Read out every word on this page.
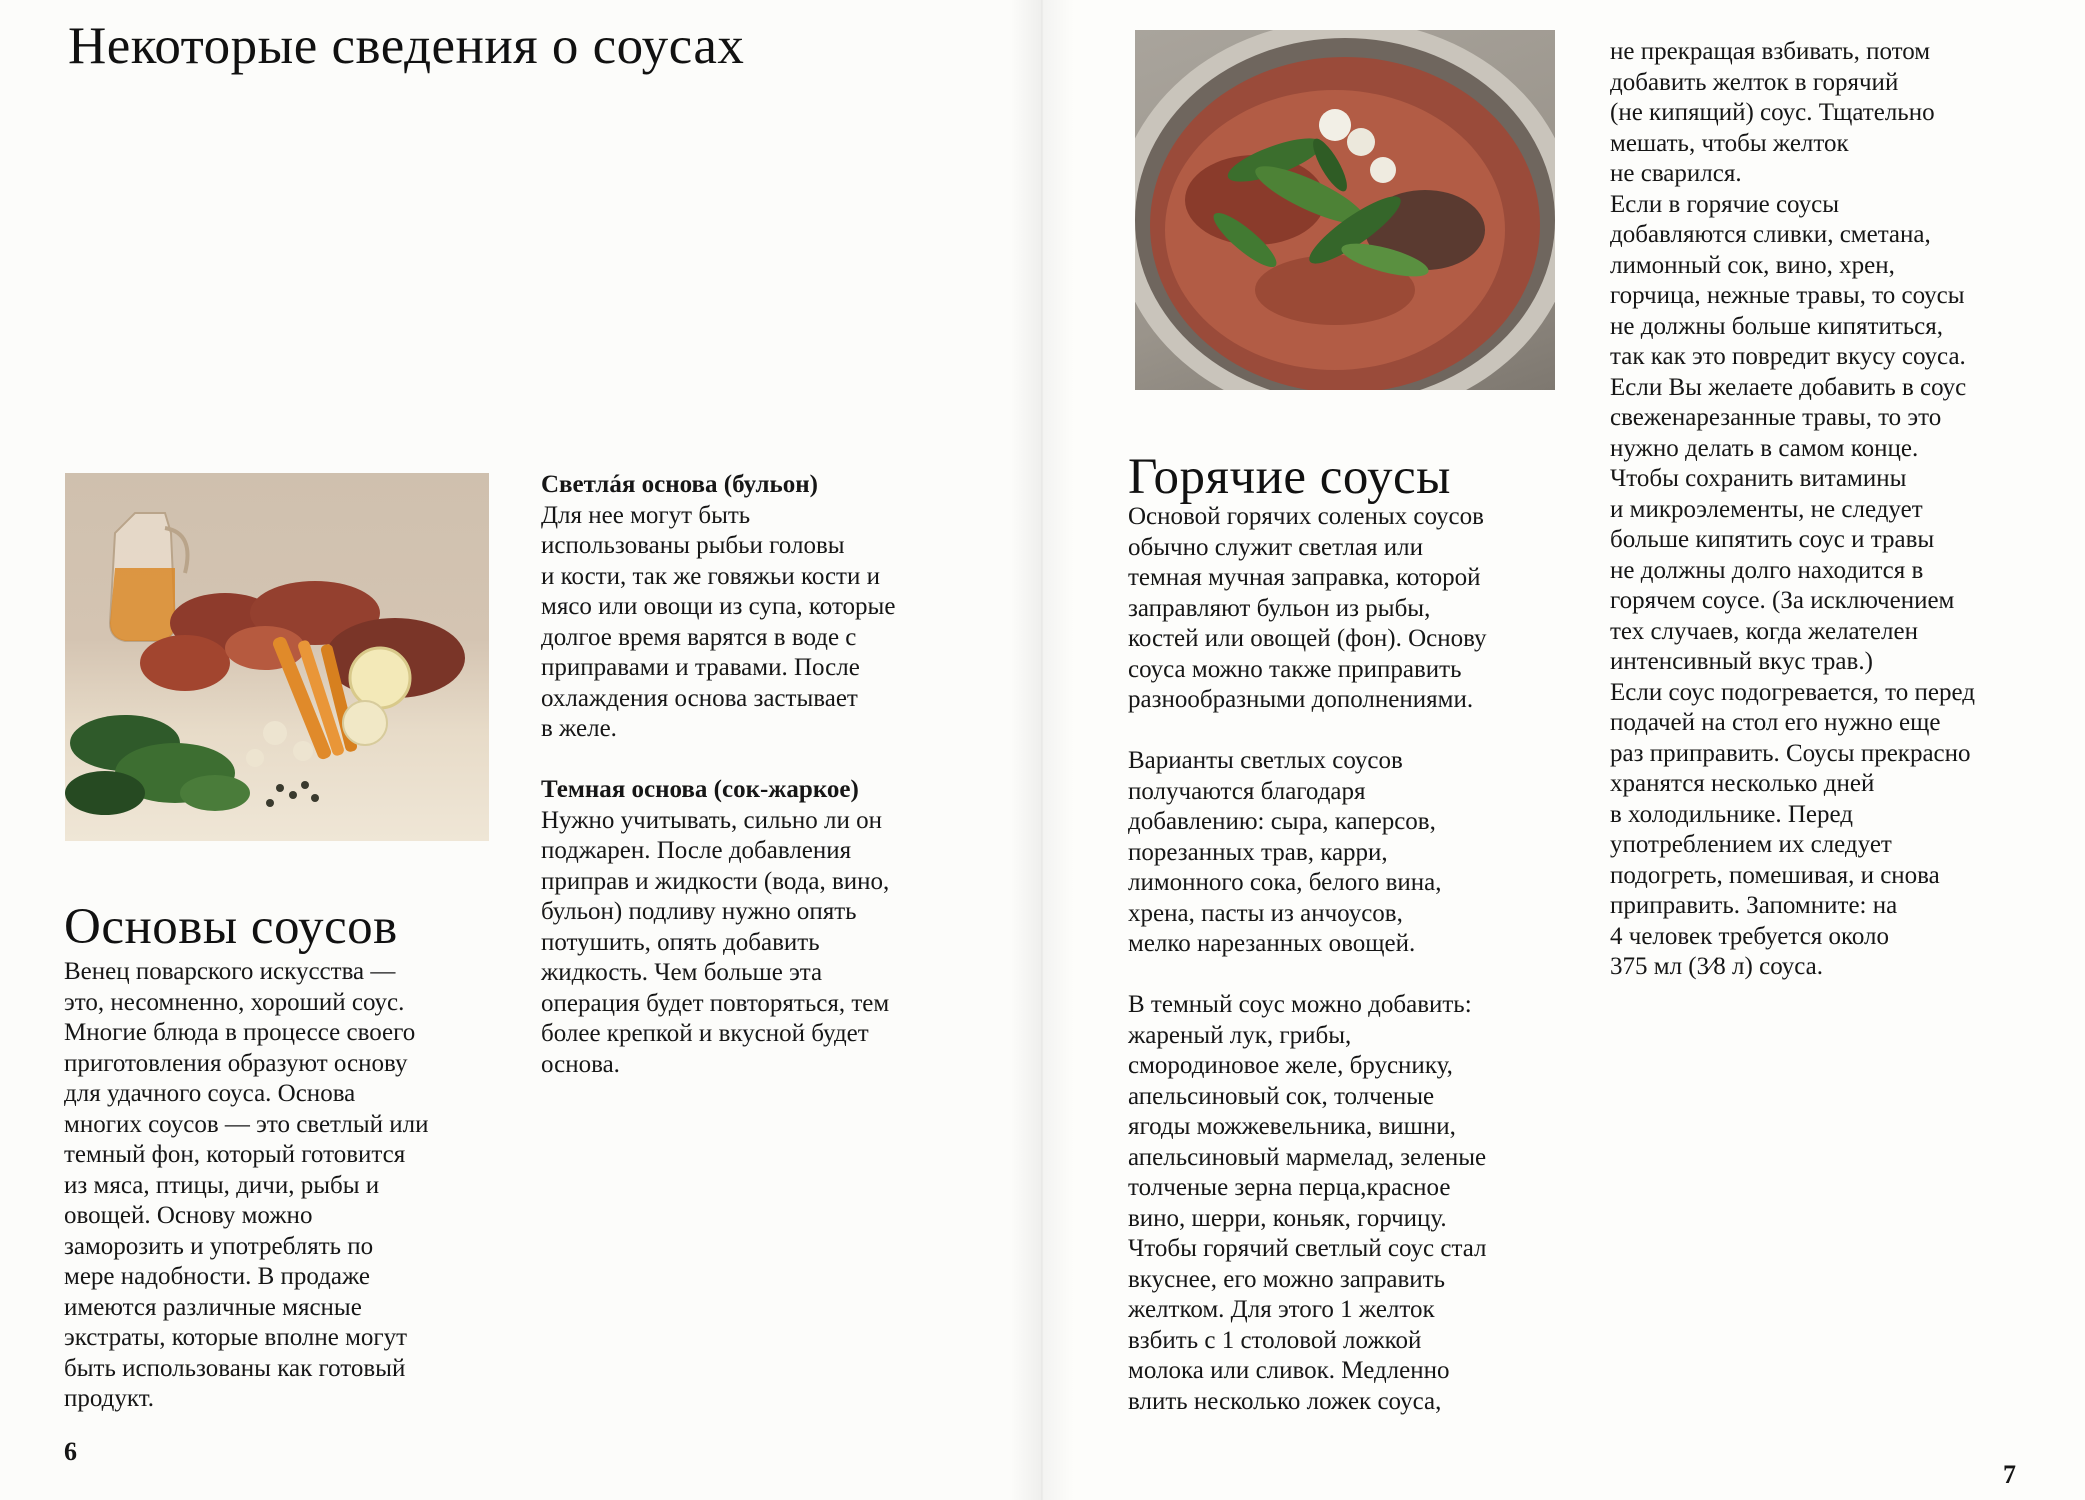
Некоторые сведения о соусах
Основы соусов
Венец поварского искусства —
это, несомненно, хороший соус.
Многие блюда в процессе своего
приготовления образуют основу
для удачного соуса. Основа
многих соусов — это светлый или
темный фон, который готовится
из мяса, птицы, дичи, рыбы и
овощей. Основу можно
заморозить и употреблять по
мере надобности. В продаже
имеются различные мясные
экстраты, которые вполне могут
быть использованы как готовый
продукт.
Светлáя основа (бульон)
Для нее могут быть
использованы рыбьи головы
и кости, так же говяжьи кости и
мясо или овощи из супа, которые
долгое время варятся в воде с
приправами и травами. После
охлаждения основа застывает
в желе.
Темная основа (сок-жаркое)
Нужно учитывать, сильно ли он
поджарен. После добавления
приправ и жидкости (вода, вино,
бульон) подливу нужно опять
потушить, опять добавить
жидкость. Чем больше эта
операция будет повторяться, тем
более крепкой и вкусной будет
основа.
6
Горячие соусы
Основой горячих соленых соусов
обычно служит светлая или
темная мучная заправка, которой
заправляют бульон из рыбы,
костей или овощей (фон). Основу
соуса можно также приправить
разнообразными дополнениями.
Варианты светлых соусов
получаются благодаря
добавлению: сыра, каперсов,
порезанных трав, карри,
лимонного сока, белого вина,
хрена, пасты из анчоусов,
мелко нарезанных овощей.
В темный соус можно добавить:
жареный лук, грибы,
смородиновое желе, бруснику,
апельсиновый сок, толченые
ягоды можжевельника, вишни,
апельсиновый мармелад, зеленые
толченые зерна перца,красное
вино, шерри, коньяк, горчицу.
Чтобы горячий светлый соус стал
вкуснее, его можно заправить
желтком. Для этого 1 желток
взбить с 1 столовой ложкой
молока или сливок. Медленно
влить несколько ложек соуса,
не прекращая взбивать, потом
добавить желток в горячий
(не кипящий) соус. Тщательно
мешать, чтобы желток
не сварился.
Если в горячие соусы
добавляются сливки, сметана,
лимонный сок, вино, хрен,
горчица, нежные травы, то соусы
не должны больше кипятиться,
так как это повредит вкусу соуса.
Если Вы желаете добавить в соус
свеженарезанные травы, то это
нужно делать в самом конце.
Чтобы сохранить витамины
и микроэлементы, не следует
больше кипятить соус и травы
не должны долго находится в
горячем соусе. (За исключением
тех случаев, когда желателен
интенсивный вкус трав.)
Если соус подогревается, то перед
подачей на стол его нужно еще
раз приправить. Соусы прекрасно
хранятся несколько дней
в холодильнике. Перед
употреблением их следует
подогреть, помешивая, и снова
приправить. Запомните: на
4 человек требуется около
375 мл (3⁄8 л) соуса.
7
